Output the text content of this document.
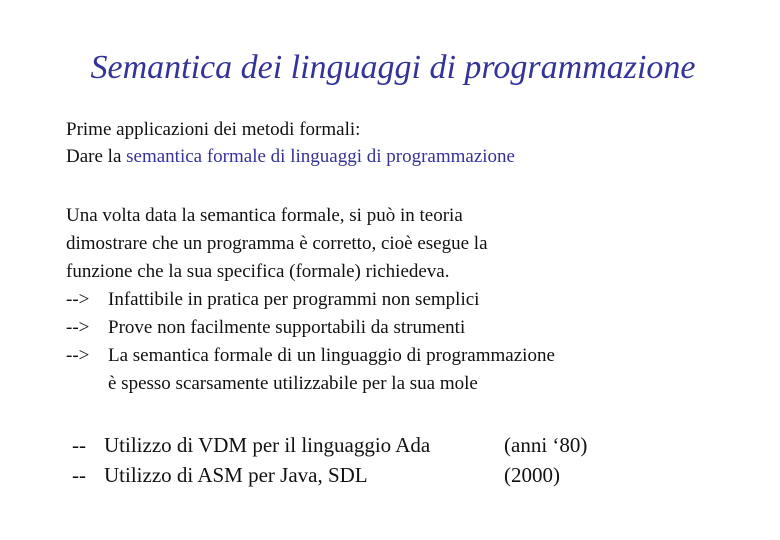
Semantica dei linguaggi di programmazione
Prime applicazioni dei metodi formali:
Dare la semantica formale di linguaggi di programmazione
Una volta data la semantica formale, si può in teoria
dimostrare che un programma è corretto, cioè esegue la
funzione che la sua specifica (formale) richiedeva.
--> Infattibile in pratica per programmi non semplici
--> Prove non facilmente supportabili da strumenti
--> La semantica formale di un linguaggio di programmazione
è spesso scarsamente utilizzabile per la sua mole
-- Utilizzo di VDM per il linguaggio Ada	(anni ‘80)
-- Utilizzo di ASM per Java, SDL	(2000)
